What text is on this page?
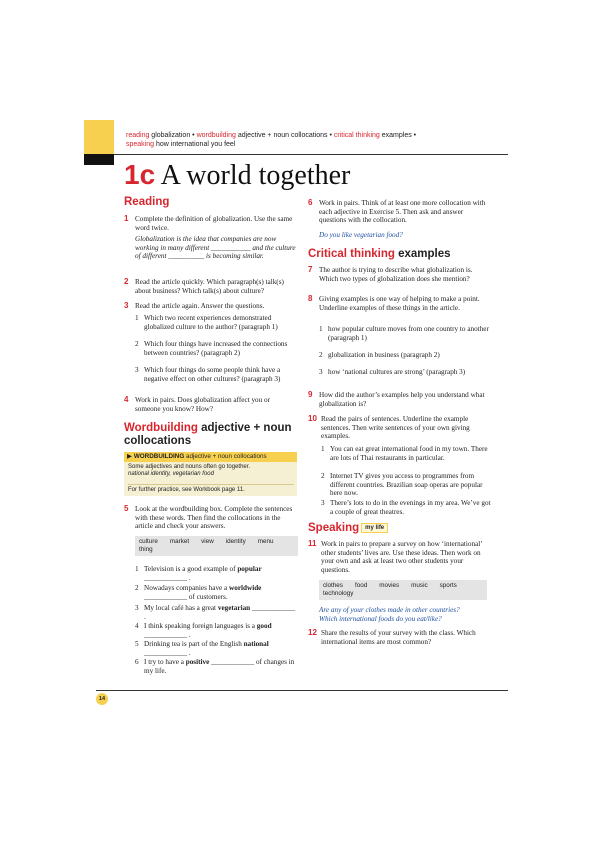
reading globalization • wordbuilding adjective + noun collocations • critical thinking examples •
speaking how international you feel
1c A world together
Reading
1 Complete the definition of globalization. Use the same word twice.
Globalization is the idea that companies are now working in many different ___________ and the culture of different __________ is becoming similar.
2 Read the article quickly. Which paragraph(s) talk(s) about business? Which talk(s) about culture?
3 Read the article again. Answer the questions.
1 Which two recent experiences demonstrated globalized culture to the author? (paragraph 1)
2 Which four things have increased the connections between countries? (paragraph 2)
3 Which four things do some people think have a negative effect on other cultures? (paragraph 3)
4 Work in pairs. Does globalization affect you or someone you know? How?
Wordbuilding adjective + noun collocations
▶ WORDBUILDING adjective + noun collocations
Some adjectives and nouns often go together.
national identity, vegetarian food
For further practice, see Workbook page 11.
5 Look at the wordbuilding box. Complete the sentences with these words. Then find the collocations in the article and check your answers.
culture market view identity menu
thing
1 Television is a good example of popular ____________ .
2 Nowadays companies have a worldwide ____________ of customers.
3 My local café has a great vegetarian ____________ .
4 I think speaking foreign languages is a good ____________ .
5 Drinking tea is part of the English national ____________ .
6 I try to have a positive ____________ of changes in my life.
6 Work in pairs. Think of at least one more collocation with each adjective in Exercise 5. Then ask and answer questions with the collocation.
Do you like vegetarian food?
Critical thinking examples
7 The author is trying to describe what globalization is. Which two types of globalization does she mention?
8 Giving examples is one way of helping to make a point. Underline examples of these things in the article.
1 how popular culture moves from one country to another (paragraph 1)
2 globalization in business (paragraph 2)
3 how ‘national cultures are strong’ (paragraph 3)
9 How did the author’s examples help you understand what globalization is?
10 Read the pairs of sentences. Underline the example sentences. Then write sentences of your own giving examples.
1 You can eat great international food in my town. There are lots of Thai restaurants in particular.
2 Internet TV gives you access to programmes from different countries. Brazilian soap operas are popular here now.
3 There’s lots to do in the evenings in my area. We’ve got a couple of great theatres.
Speaking my life
11 Work in pairs to prepare a survey on how ‘international’ other students’ lives are. Use these ideas. Then work on your own and ask at least two other students your questions.
clothes food movies music sports
technology
Are any of your clothes made in other countries?
Which international foods do you eat/like?
12 Share the results of your survey with the class. Which international items are most common?
14
